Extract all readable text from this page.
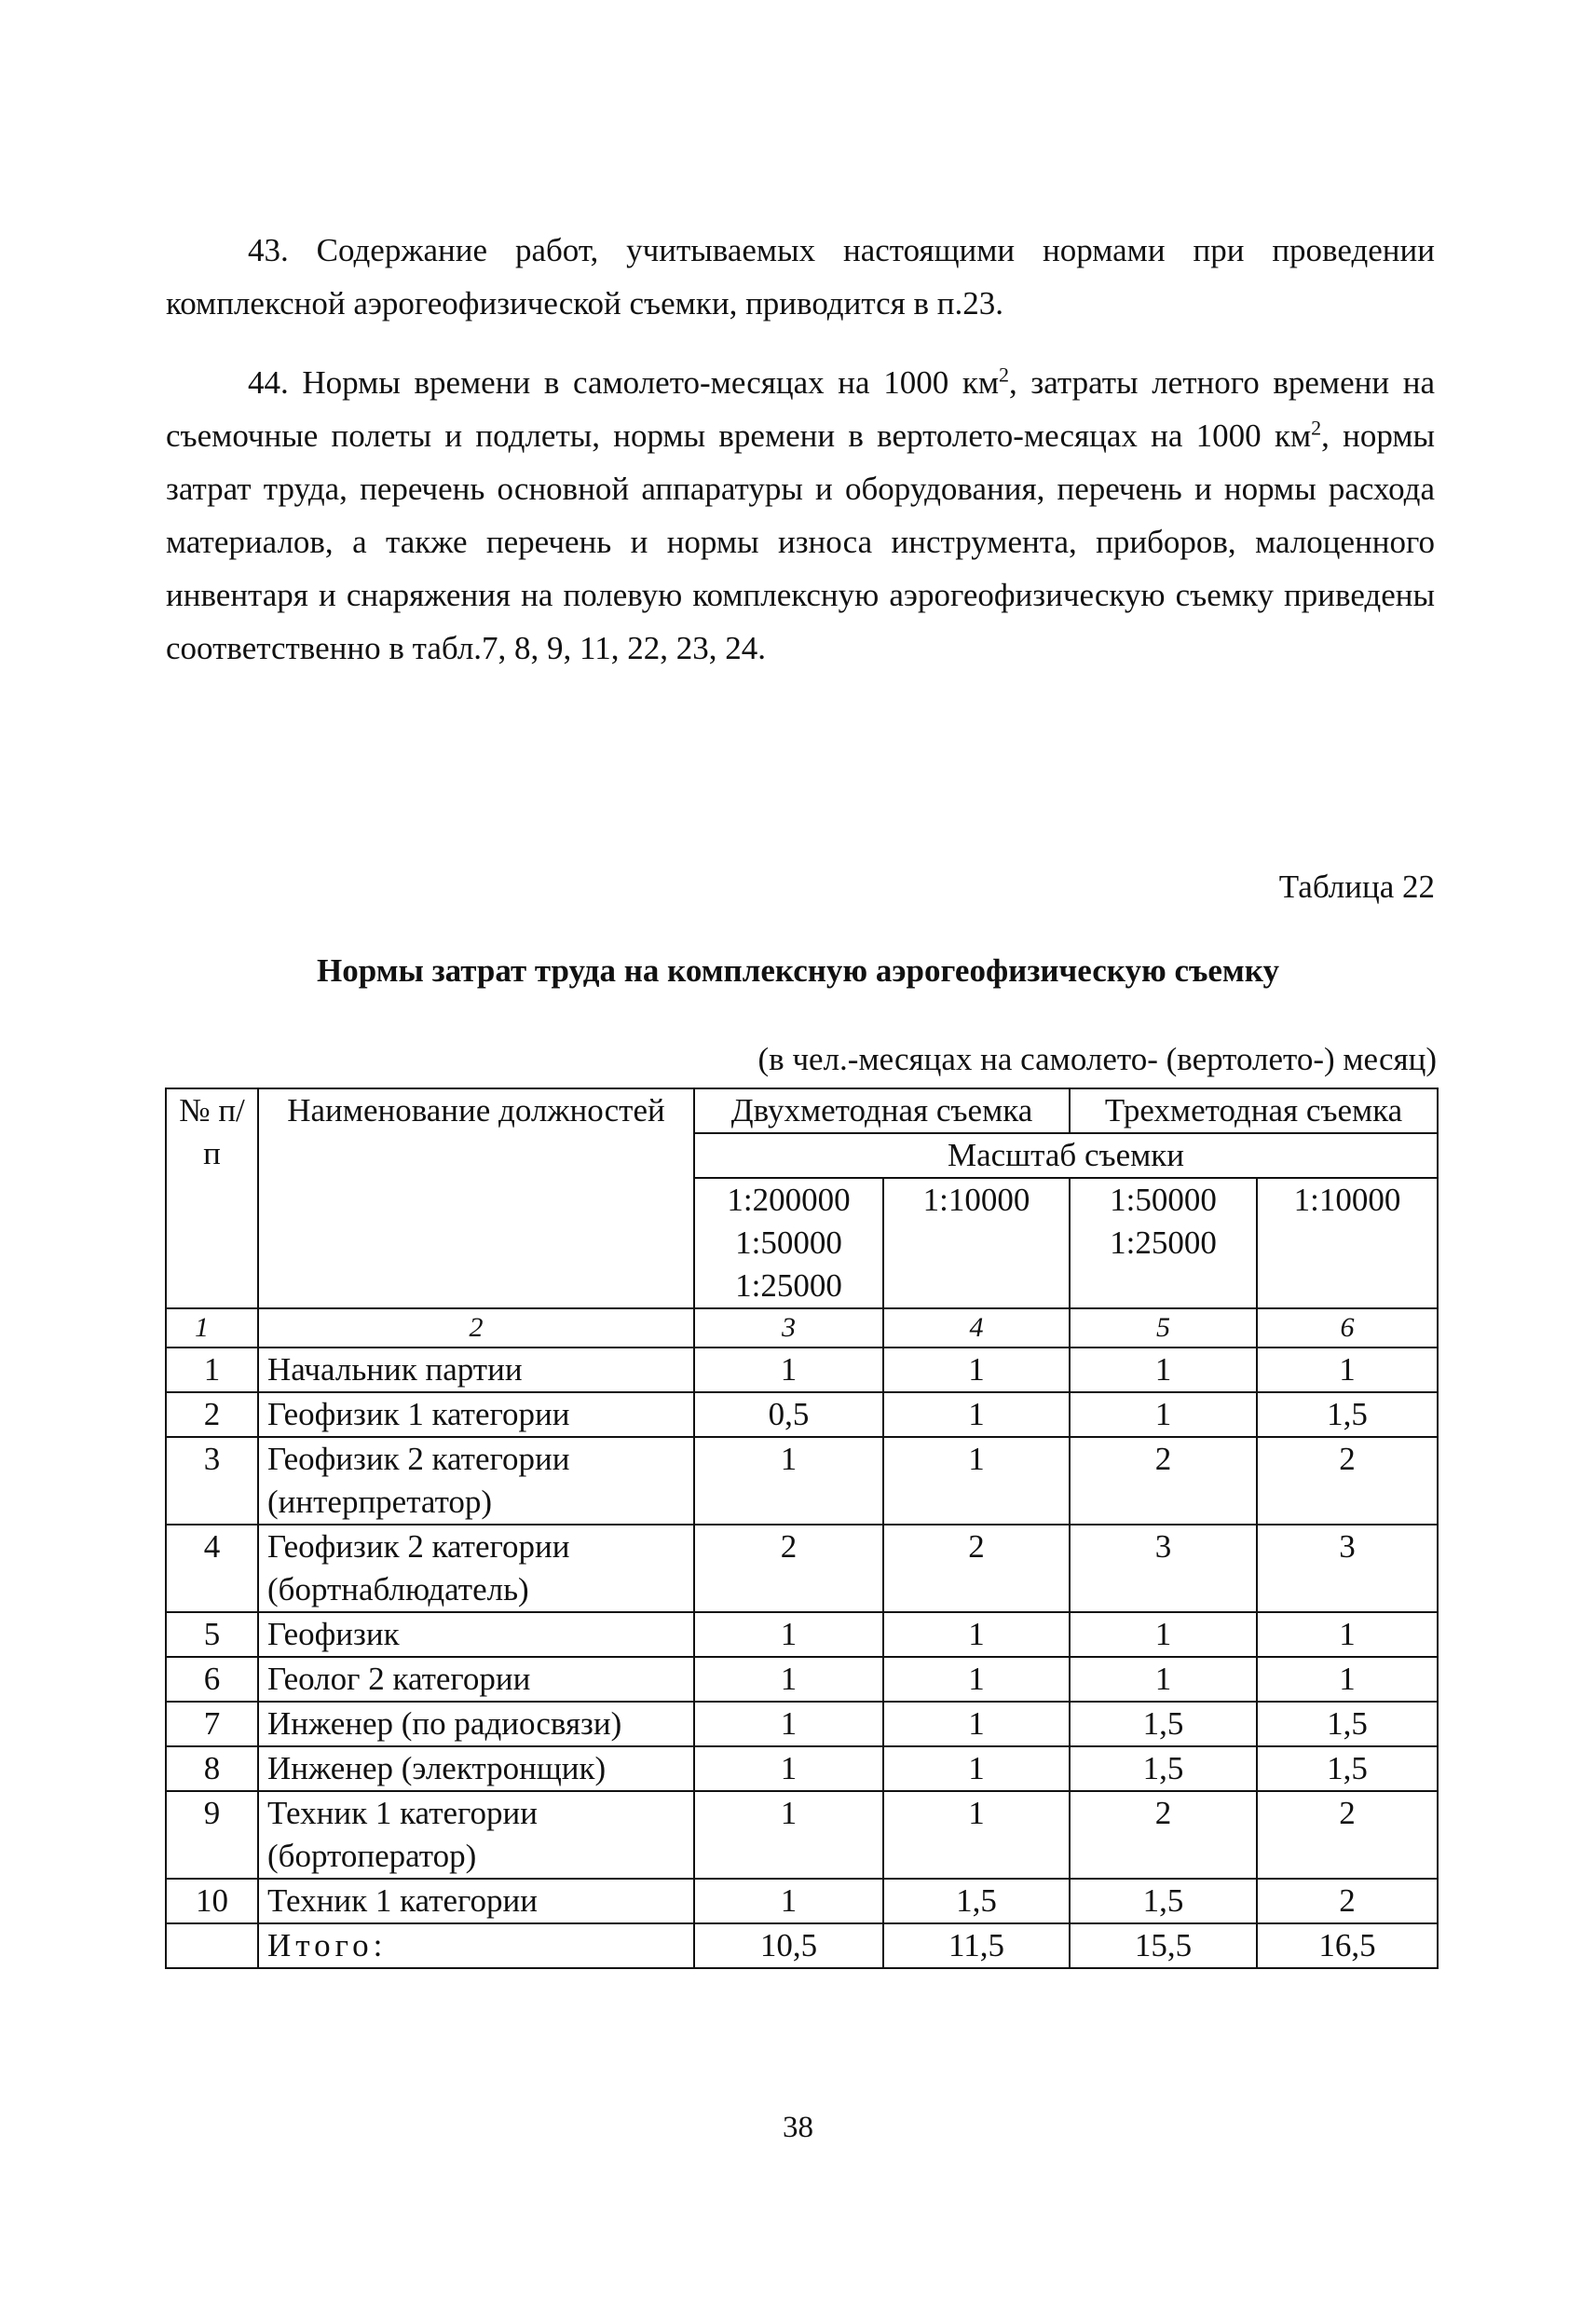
43. Содержание работ, учитываемых настоящими нормами при проведении комплексной аэрогеофизической съемки, приводится в п.23.

44. Нормы времени в самолето-месяцах на 1000 $км^2$, затраты летного времени на съемочные полеты и подлеты, нормы времени в вертолето-месяцах на 1000 $км^2$, нормы затрат труда, перечень основной аппаратуры и оборудования, перечень и нормы расхода материалов, а также перечень и нормы износа инструмента, приборов, малоценного инвентаря и снаряжения на полевую комплексную аэрогеофизическую съемку приведены соответственно в табл.7, 8, 9, 11, 22, 23, 24.

Таблица 22

Нормы затрат труда на комплексную аэрогеофизическую съемку

(в чел.-месяцах на самолето- (вертолето-) месяц)

№ п/п	Наименование должностей	Двухметодная съемка		Трехметодная съемка	
		Масштаб съемки			
		1:200000 1:50000 1:25000	1:10000	1:50000 1:25000	1:10000
1	2	3	4	5	6
1	Начальник партии	1	1	1	1
2	Геофизик 1 категории	0,5	1	1	1,5
3	Геофизик 2 категории (интерпретатор)	1	1	2	2
4	Геофизик 2 категории (бортнаблюдатель)	2	2	3	3
5	Геофизик	1	1	1	1
6	Геолог 2 категории	1	1	1	1
7	Инженер (по радиосвязи)	1	1	1,5	1,5
8	Инженер (электронщик)	1	1	1,5	1,5
9	Техник 1 категории (бортоператор)	1	1	2	2
10	Техник 1 категории	1	1,5	1,5	2
	Итого:	10,5	11,5	15,5	16,5

38
